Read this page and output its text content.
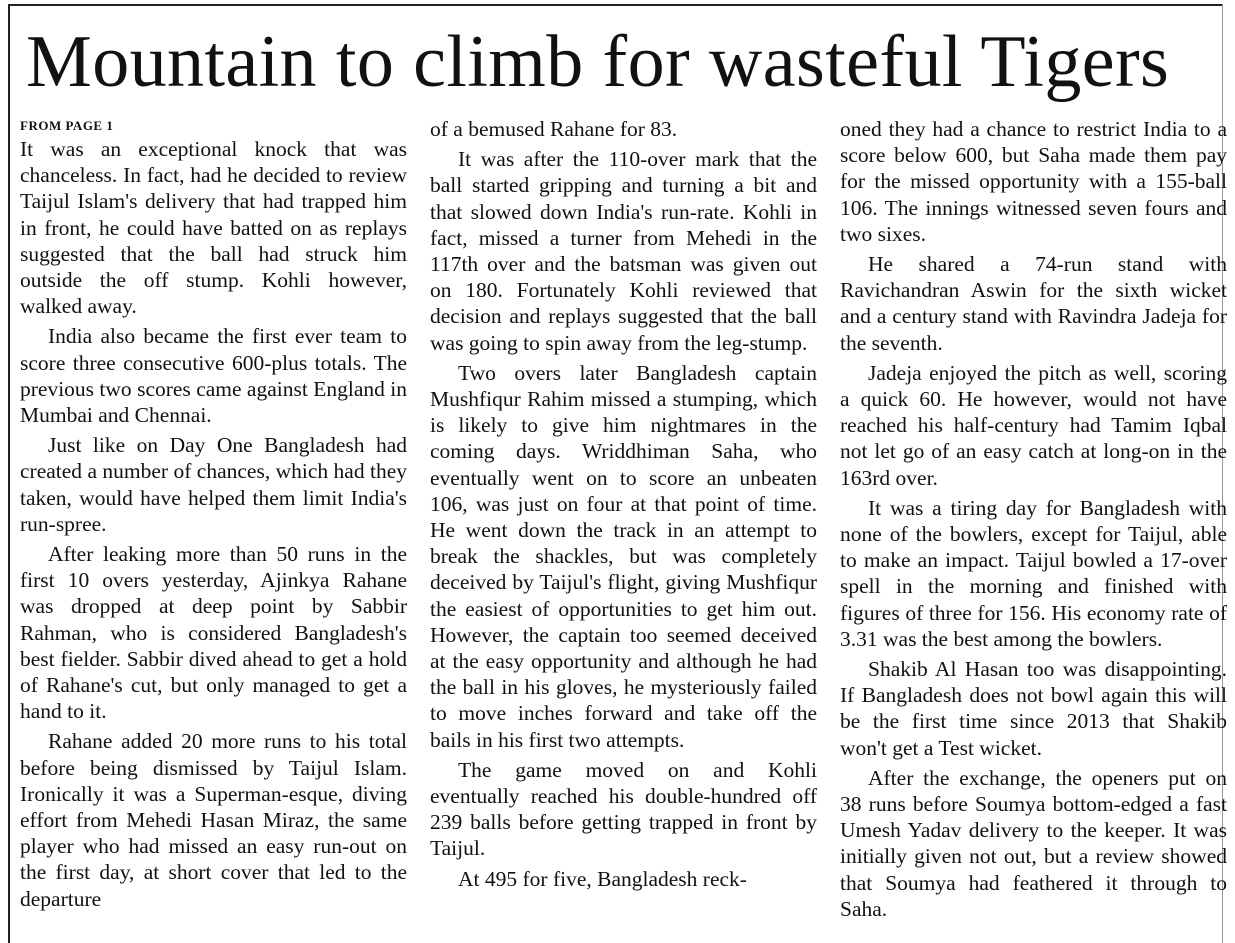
Mountain to climb for wasteful Tigers
FROM PAGE 1

It was an exceptional knock that was chanceless. In fact, had he decided to review Taijul Islam's delivery that had trapped him in front, he could have batted on as replays suggested that the ball had struck him outside the off stump. Kohli however, walked away.

India also became the first ever team to score three consecutive 600-plus totals. The previous two scores came against England in Mumbai and Chennai.

Just like on Day One Bangladesh had created a number of chances, which had they taken, would have helped them limit India's run-spree.

After leaking more than 50 runs in the first 10 overs yesterday, Ajinkya Rahane was dropped at deep point by Sabbir Rahman, who is considered Bangladesh's best fielder. Sabbir dived ahead to get a hold of Rahane's cut, but only managed to get a hand to it.

Rahane added 20 more runs to his total before being dismissed by Taijul Islam. Ironically it was a Superman-esque, diving effort from Mehedi Hasan Miraz, the same player who had missed an easy run-out on the first day, at short cover that led to the departure

of a bemused Rahane for 83.

It was after the 110-over mark that the ball started gripping and turning a bit and that slowed down India's run-rate. Kohli in fact, missed a turner from Mehedi in the 117th over and the batsman was given out on 180. Fortunately Kohli reviewed that decision and replays suggested that the ball was going to spin away from the leg-stump.

Two overs later Bangladesh captain Mushfiqur Rahim missed a stumping, which is likely to give him nightmares in the coming days. Wriddhiman Saha, who eventually went on to score an unbeaten 106, was just on four at that point of time. He went down the track in an attempt to break the shackles, but was completely deceived by Taijul's flight, giving Mushfiqur the easiest of opportunities to get him out. However, the captain too seemed deceived at the easy opportunity and although he had the ball in his gloves, he mysteriously failed to move inches forward and take off the bails in his first two attempts.

The game moved on and Kohli eventually reached his double-hundred off 239 balls before getting trapped in front by Taijul.

At 495 for five, Bangladesh reck-

oned they had a chance to restrict India to a score below 600, but Saha made them pay for the missed opportunity with a 155-ball 106. The innings witnessed seven fours and two sixes.

He shared a 74-run stand with Ravichandran Aswin for the sixth wicket and a century stand with Ravindra Jadeja for the seventh.

Jadeja enjoyed the pitch as well, scoring a quick 60. He however, would not have reached his half-century had Tamim Iqbal not let go of an easy catch at long-on in the 163rd over.

It was a tiring day for Bangladesh with none of the bowlers, except for Taijul, able to make an impact. Taijul bowled a 17-over spell in the morning and finished with figures of three for 156. His economy rate of 3.31 was the best among the bowlers.

Shakib Al Hasan too was disappointing. If Bangladesh does not bowl again this will be the first time since 2013 that Shakib won't get a Test wicket.

After the exchange, the openers put on 38 runs before Soumya bottom-edged a fast Umesh Yadav delivery to the keeper. It was initially given not out, but a review showed that Soumya had feathered it through to Saha.
